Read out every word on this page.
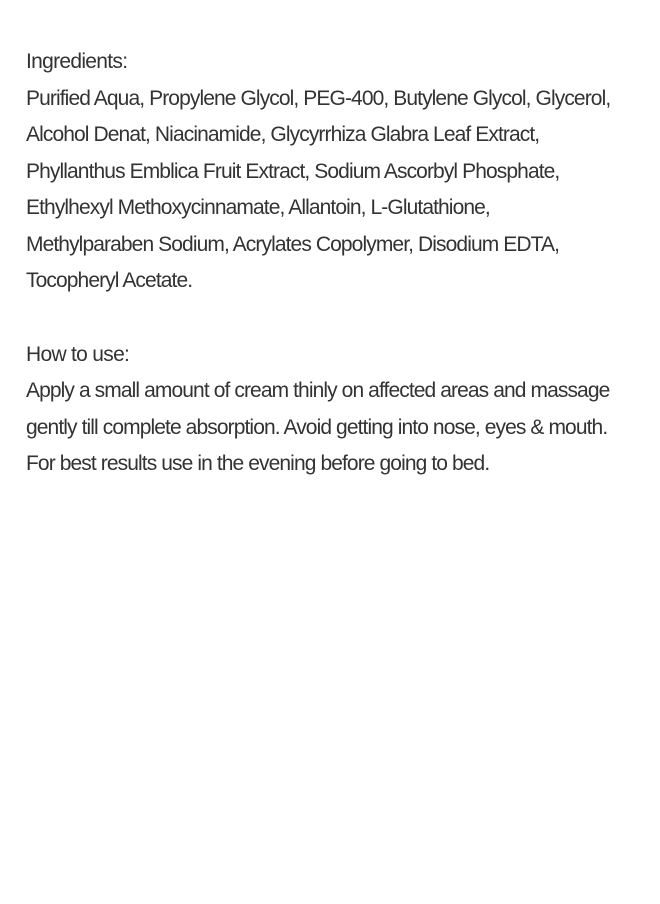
Ingredients:
Purified Aqua, Propylene Glycol, PEG-400, Butylene Glycol, Glycerol,
Alcohol Denat, Niacinamide, Glycyrrhiza Glabra Leaf Extract,
Phyllanthus Emblica Fruit Extract, Sodium Ascorbyl Phosphate,
Ethylhexyl Methoxycinnamate, Allantoin, L-Glutathione,
Methylparaben Sodium, Acrylates Copolymer, Disodium EDTA,
Tocopheryl Acetate.
How to use:
Apply a small amount of cream thinly on affected areas and massage
gently till complete absorption. Avoid getting into nose, eyes & mouth.
For best results use in the evening before going to bed.
